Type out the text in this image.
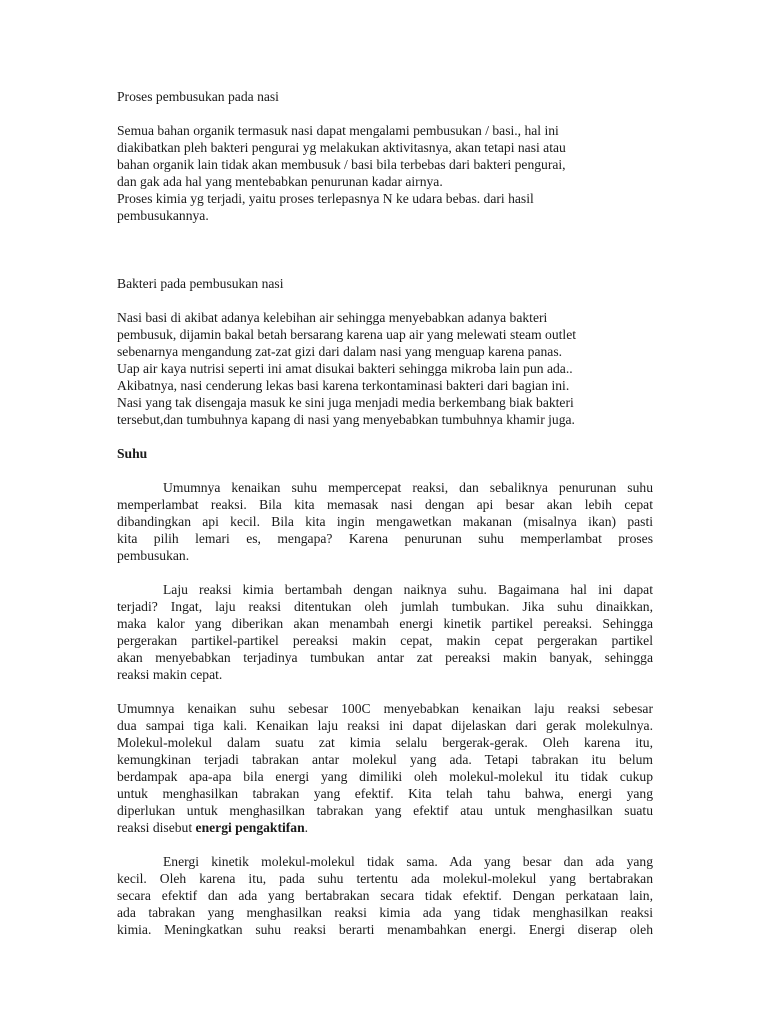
Proses pembusukan pada nasi

Semua bahan organik termasuk nasi dapat mengalami pembusukan / basi., hal ini
diakibatkan pleh bakteri pengurai yg melakukan aktivitasnya, akan tetapi nasi atau
bahan organik lain tidak akan membusuk / basi bila terbebas dari bakteri pengurai,
dan gak ada hal yang mentebabkan penurunan kadar airnya.
Proses kimia yg terjadi, yaitu proses terlepasnya N ke udara bebas. dari hasil
pembusukannya.

Bakteri pada pembusukan nasi

Nasi basi di akibat adanya kelebihan air sehingga menyebabkan adanya bakteri
pembusuk, dijamin bakal betah bersarang karena uap air yang melewati steam outlet
sebenarnya mengandung zat-zat gizi dari dalam nasi yang menguap karena panas.
Uap air kaya nutrisi seperti ini amat disukai bakteri sehingga mikroba lain pun ada..
Akibatnya, nasi cenderung lekas basi karena terkontaminasi bakteri dari bagian ini.
Nasi yang tak disengaja masuk ke sini juga menjadi media berkembang biak bakteri
tersebut,dan tumbuhnya kapang di nasi yang menyebabkan tumbuhnya khamir juga.

Suhu

Umumnya kenaikan suhu mempercepat reaksi, dan sebaliknya penurunan suhu
memperlambat reaksi. Bila kita memasak nasi dengan api besar akan lebih cepat
dibandingkan api kecil. Bila kita ingin mengawetkan makanan (misalnya ikan) pasti
kita pilih lemari es, mengapa? Karena penurunan suhu memperlambat proses
pembusukan.

Laju reaksi kimia bertambah dengan naiknya suhu. Bagaimana hal ini dapat
terjadi? Ingat, laju reaksi ditentukan oleh jumlah tumbukan. Jika suhu dinaikkan,
maka kalor yang diberikan akan menambah energi kinetik partikel pereaksi. Sehingga
pergerakan partikel-partikel pereaksi makin cepat, makin cepat pergerakan partikel
akan menyebabkan terjadinya tumbukan antar zat pereaksi makin banyak, sehingga
reaksi makin cepat.

Umumnya kenaikan suhu sebesar 100C menyebabkan kenaikan laju reaksi sebesar
dua sampai tiga kali. Kenaikan laju reaksi ini dapat dijelaskan dari gerak molekulnya.
Molekul-molekul dalam suatu zat kimia selalu bergerak-gerak. Oleh karena itu,
kemungkinan terjadi tabrakan antar molekul yang ada. Tetapi tabrakan itu belum
berdampak apa-apa bila energi yang dimiliki oleh molekul-molekul itu tidak cukup
untuk menghasilkan tabrakan yang efektif. Kita telah tahu bahwa, energi yang
diperlukan untuk menghasilkan tabrakan yang efektif atau untuk menghasilkan suatu
reaksi disebut energi pengaktifan.

Energi kinetik molekul-molekul tidak sama. Ada yang besar dan ada yang
kecil. Oleh karena itu, pada suhu tertentu ada molekul-molekul yang bertabrakan
secara efektif dan ada yang bertabrakan secara tidak efektif. Dengan perkataan lain,
ada tabrakan yang menghasilkan reaksi kimia ada yang tidak menghasilkan reaksi
kimia. Meningkatkan suhu reaksi berarti menambahkan energi. Energi diserap oleh
